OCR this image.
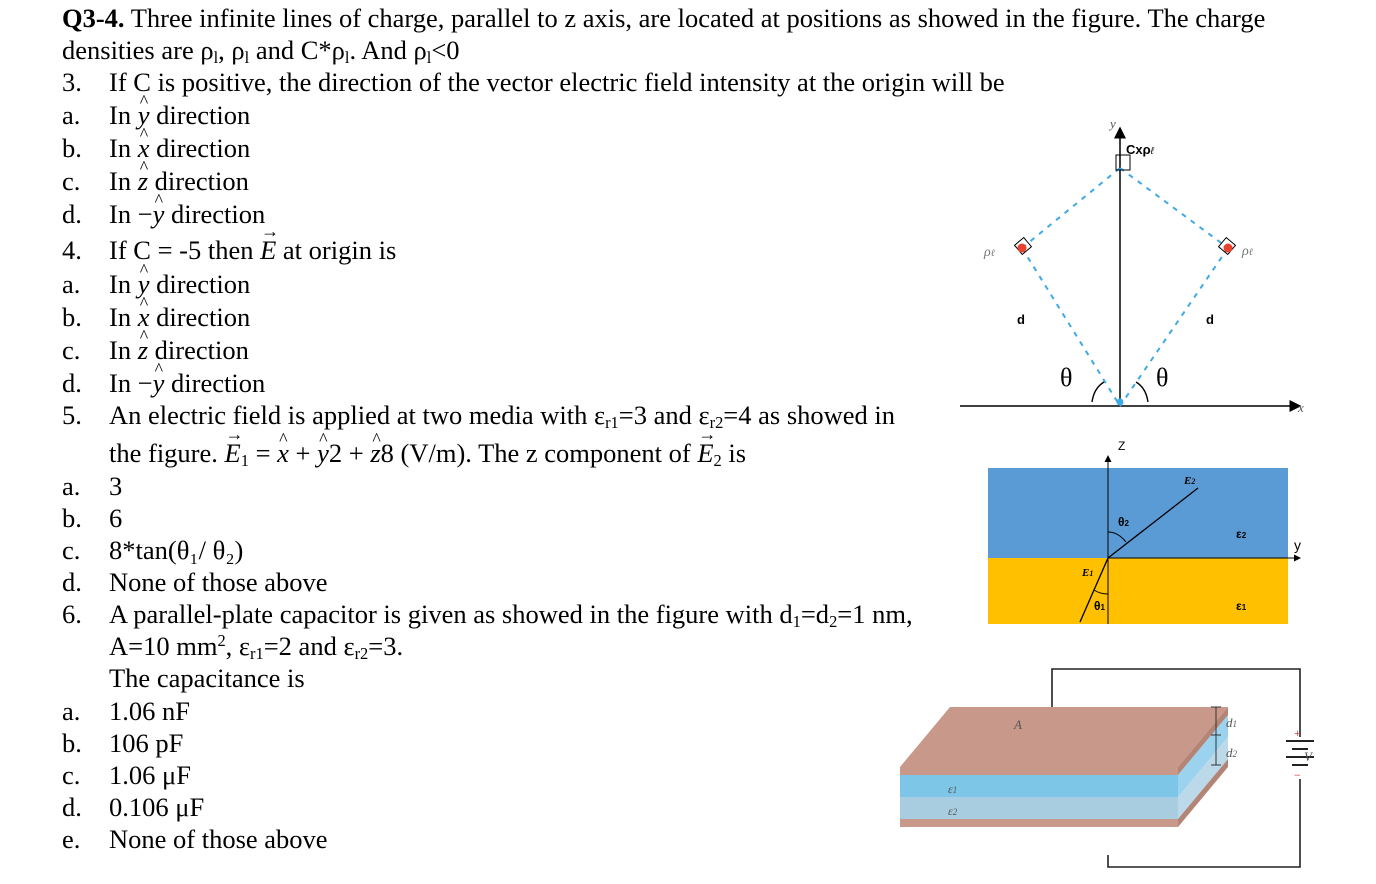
Q3-4. Three infinite lines of charge, parallel to z axis, are located at positions as showed in the figure. The charge
densities are $\rho_l$, $\rho_l$ and $C*\rho_l$. And $\rho_l<0$
3. If C is positive, the direction of the vector electric field intensity at the origin will be
a. In ^ y direction
b. In ^ x direction
c. In ^ z direction
d. In −^ y direction
4. If C = -5 then → E at origin is
a. In ^ y direction
b. In ^ x direction
c. In ^ z direction
d. In −^ y direction
5. An electric field is applied at two media with $\varepsilon_{r1}=3$ and $\varepsilon_{r2}=4$ as showed in
the figure. → $E_1$ = ^ x + ^ y2 + ^ z8 (V/m). The z component of → $E_2$ is
a. 3
b. 6
c. 8*tan(θ₁/ θ₂)
d. None of those above
6. A parallel-plate capacitor is given as showed in the figure with $d_1=d_2=1$ nm,
A=10 $mm^2$, $\varepsilon_{r1}=2$ and $\varepsilon_{r2}=3$.
The capacitance is
a. 1.06 nF
b. 106 pF
c. 1.06 μF
d. 0.106 μF
e. None of those above
y
x
Cxρℓ
ρℓ	ρℓ
d	d
θ	θ
Z
y
E2
E1
θ2
θ1
ε2
ε1
A
ε1
ε2
d1
d2
+
−
V
